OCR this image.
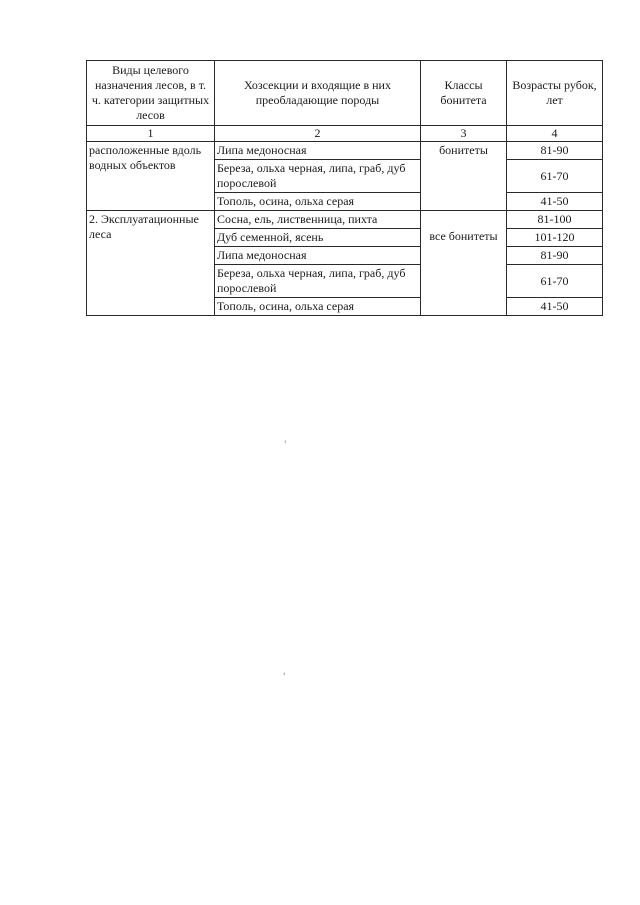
Виды целевого назначения лесов, в т. ч. категории защитных лесов	Хозсекции и входящие в них преобладающие породы	Классы бонитета	Возрасты рубок, лет
1	2	3	4
расположенные вдоль водных объектов	Липа медоносная	бонитеты	81-90
	Береза, ольха черная, липа, граб, дуб порослевой		61-70
	Тополь, осина, ольха серая		41-50
2. Эксплуатационные леса	Сосна, ель, лиственница, пихта	все бонитеты	81-100
	Дуб семенной, ясень		101-120
	Липа медоносная		81-90
	Береза, ольха черная, липа, граб, дуб порослевой		61-70
	Тополь, осина, ольха серая		41-50
'
'
